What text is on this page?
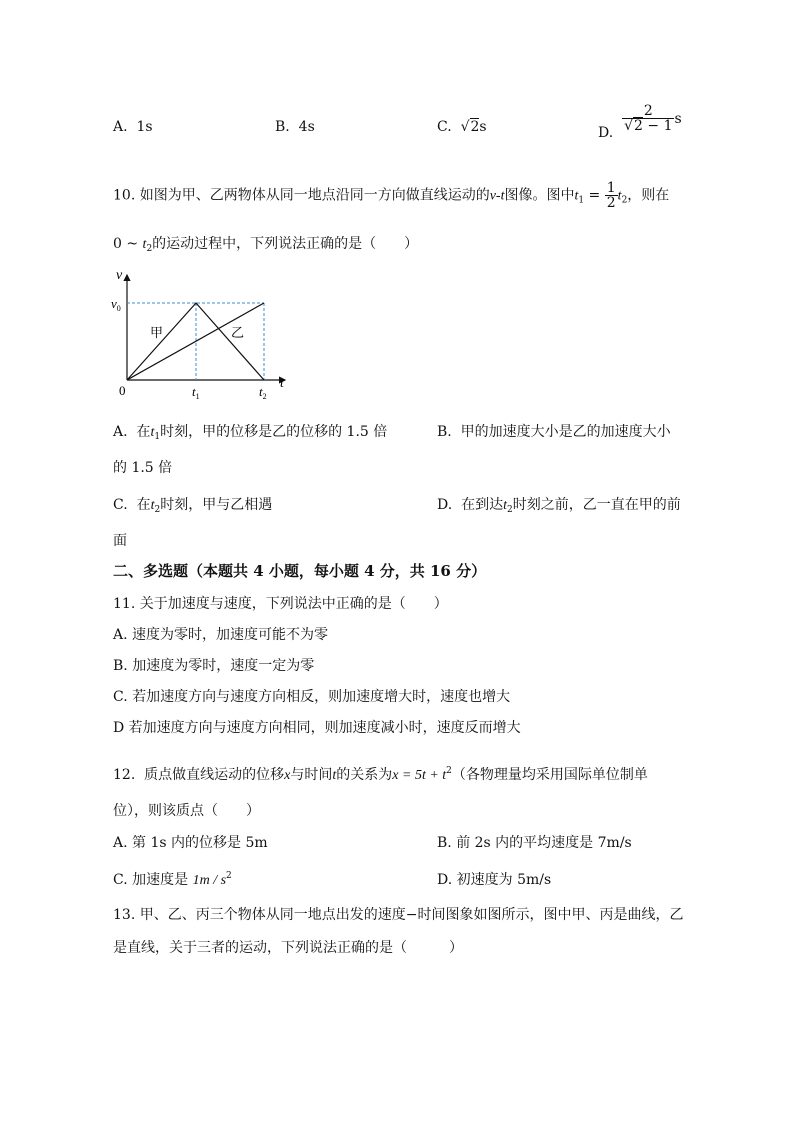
A. 1s	B. 4s	C.  √2s	D. $\frac{2}{√2 - 1}$ s
10. 如图为甲、乙两物体从同一地点沿同一方向做直线运动的v-t图像。图中$t_1 = \frac{1}{2} t_2$，则在
0 ~ $t_2$的运动过程中，下列说法正确的是（　　）
v
$v_0$
0	t
$t_1$	$t_2$
甲	乙
A. 在$t_1$时刻，甲的位移是乙的位移的 1.5 倍	B. 甲的加速度大小是乙的加速度大小
的 1.5 倍
C. 在$t_2$时刻，甲与乙相遇	D. 在到达$t_2$时刻之前，乙一直在甲的前
面
二、多选题（本题共 4 小题，每小题 4 分，共 16 分）
11. 关于加速度与速度，下列说法中正确的是（　　）
A. 速度为零时，加速度可能不为零
B. 加速度为零时，速度一定为零
C. 若加速度方向与速度方向相反，则加速度增大时，速度也增大
D 若加速度方向与速度方向相同，则加速度减小时，速度反而增大
12. 质点做直线运动的位移x与时间t的关系为$x = 5t + t^2$（各物理量均采用国际单位制单
位），则该质点（　　）
A. 第 1s 内的位移是 5m	B. 前 2s 内的平均速度是 7m/s
C. 加速度是 $1m / s^2$	D. 初速度为 5m/s
13. 甲、乙、丙三个物体从同一地点出发的速度−时间图象如图所示，图中甲、丙是曲线，乙
是直线，关于三者的运动，下列说法正确的是（　　　）
